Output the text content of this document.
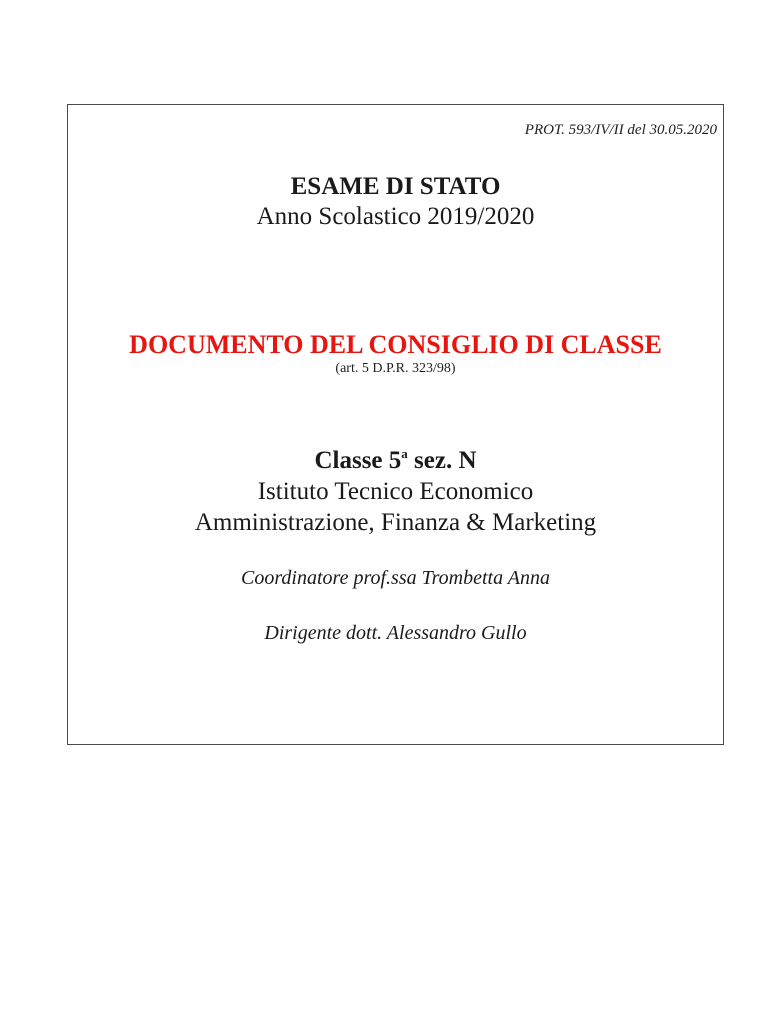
PROT. 593/IV/II del 30.05.2020
ESAME DI STATO
Anno Scolastico 2019/2020
DOCUMENTO DEL CONSIGLIO DI CLASSE
(art. 5 D.P.R. 323/98)
Classe 5$^a$ sez. N
Istituto Tecnico Economico
Amministrazione, Finanza & Marketing
Coordinatore prof.ssa Trombetta Anna
Dirigente dott. Alessandro Gullo
